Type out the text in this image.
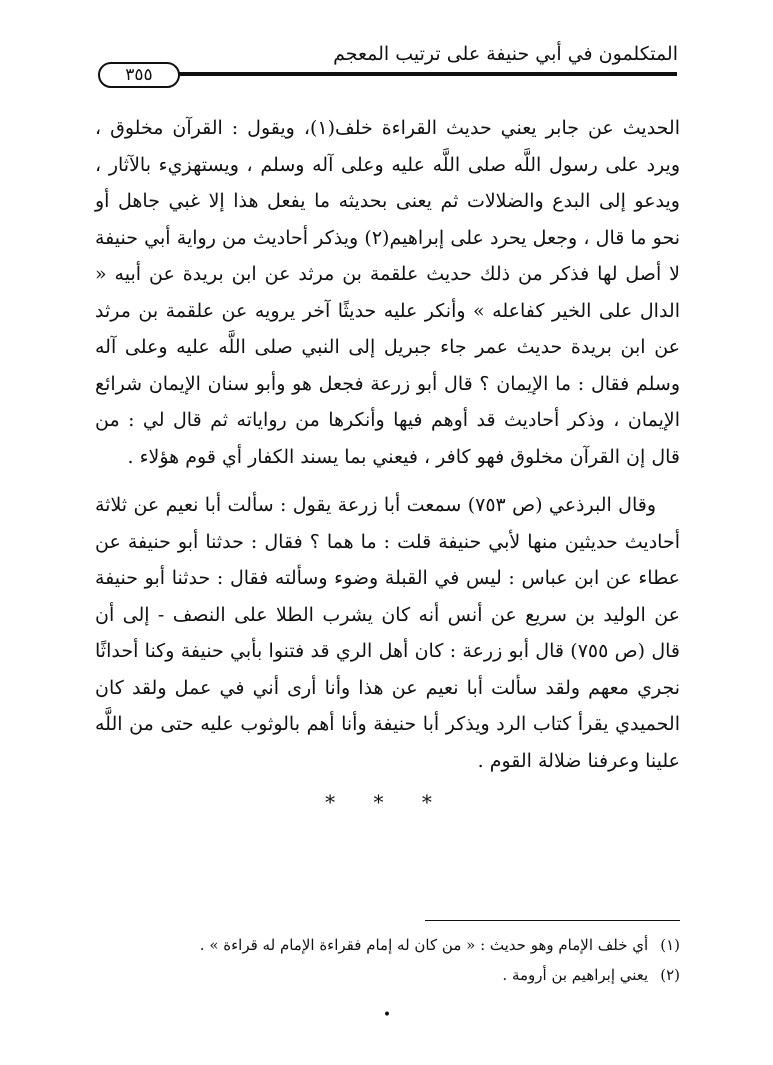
المتكلمون في أبي حنيفة على ترتيب المعجم
٣٥٥

الحديث عن جابر يعني حديث القراءة خلف(١)، ويقول : القرآن مخلوق ، ويرد على رسول اللَّه صلى اللَّه عليه وعلى آله وسلم ، ويستهزيء بالآثار ، ويدعو إلى البدع والضلالات ثم يعنى بحديثه ما يفعل هذا إلا غبي جاهل أو نحو ما قال ، وجعل يحرد على إبراهيم(٢) ويذكر أحاديث من رواية أبي حنيفة لا أصل لها فذكر من ذلك حديث علقمة بن مرثد عن ابن بريدة عن أبيه « الدال على الخير كفاعله » وأنكر عليه حديثًا آخر يرويه عن علقمة بن مرثد عن ابن بريدة حديث عمر جاء جبريل إلى النبي صلى اللَّه عليه وعلى آله وسلم فقال : ما الإيمان ؟ قال أبو زرعة فجعل هو وأبو سنان الإيمان شرائع الإيمان ، وذكر أحاديث قد أوهم فيها وأنكرها من رواياته ثم قال لي : من قال إن القرآن مخلوق فهو كافر ، فيعني بما يسند الكفار أي قوم هؤلاء .

وقال البرذعي (ص ٧٥٣) سمعت أبا زرعة يقول : سألت أبا نعيم عن ثلاثة أحاديث حديثين منها لأبي حنيفة قلت : ما هما ؟ فقال : حدثنا أبو حنيفة عن عطاء عن ابن عباس : ليس في القبلة وضوء وسألته فقال : حدثنا أبو حنيفة عن الوليد بن سريع عن أنس أنه كان يشرب الطلا على النصف - إلى أن قال (ص ٧٥٥) قال أبو زرعة : كان أهل الري قد فتنوا بأبي حنيفة وكنا أحداثًا نجري معهم ولقد سألت أبا نعيم عن هذا وأنا أرى أني في عمل ولقد كان الحميدي يقرأ كتاب الرد ويذكر أبا حنيفة وأنا أهم بالوثوب عليه حتى من اللَّه علينا وعرفنا ضلالة القوم .

* * *
(١)أي خلف الإمام وهو حديث : « من كان له إمام فقراءة الإمام له قراءة » .
(٢)يعني إبراهيم بن أرومة .
•
